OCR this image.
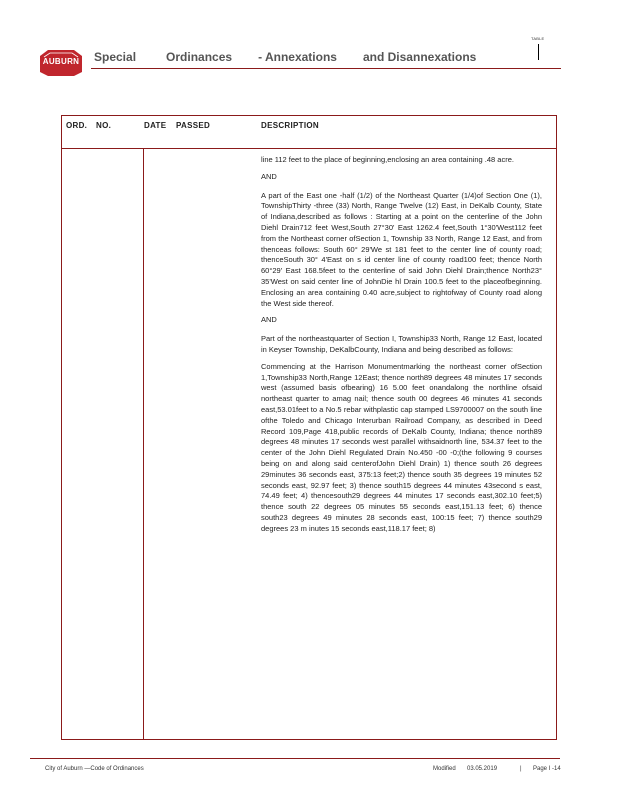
AUBURN	Special	Ordinances - Annexations and Disannexations
TABLE
ORD. NO.	DATE PASSED	DESCRIPTION

line 112 feet to the place of beginning,enclosing an area containing .48 acre.

AND

A part of the East one -half (1/2) of the Northeast Quarter (1/4)of Section One (1), TownshipThirty -three (33) North, Range Twelve (12) East, in DeKalb County, State of Indiana,described as follows : Starting at a point on the centerline of the John Diehl Drain712 feet West,South 27°30' East 1262.4 feet,South 1°30'West112 feet from the Northeast corner ofSection 1, Township 33 North, Range 12 East, and from thenceas follows: South 60° 29'We st 181 feet to the center line of county road; thenceSouth 30° 4'East on s id center line of county road100 feet; thence North 60°29' East 168.5feet to the centerline of said John Diehl Drain;thence North23° 35'West on said center line of JohnDie hl Drain 100.5 feet to the placeofbeginning. Enclosing an area containing 0.40 acre,subject to rightofway of County road along the West side thereof.

AND

Part of the northeastquarter of Section I, Township33 North, Range 12 East, located in Keyser Township, DeKalbCounty, Indiana and being described as follows:

Commencing at the Harrison Monumentmarking the northeast corner ofSection 1,Township33 North,Range 12East; thence north89 degrees 48 minutes 17 seconds west (assumed basis ofbearing) 16 5.00 feet onandalong the northline ofsaid northeast quarter to amag nail; thence south 00 degrees 46 minutes 41 seconds east,53.01feet to a No.5 rebar withplastic cap stamped LS9700007 on the south line ofthe Toledo and Chicago Interurban Railroad Company, as described in Deed Record 109,Page 418,public records of DeKalb County, Indiana; thence north89 degrees 48 minutes 17 seconds west parallel withsaidnorth line, 534.37 feet to the center of the John Diehl Regulated Drain No.450 -00 -0;(the following 9 courses being on and along said centerofJohn Diehl Drain) 1) thence south 26 degrees 29minutes 36 seconds east, 375:13 feet;2) thence south 35 degrees 19 minutes 52 seconds east, 92.97 feet; 3) thence south15 degrees 44 minutes 43second s east, 74.49 feet; 4) thencesouth29 degrees 44 minutes 17 seconds east,302.10 feet;5) thence south 22 degrees 05 minutes 55 seconds east,151.13 feet; 6) thence south23 degrees 49 minutes 28 seconds east, 100:15 feet; 7) thence south29 degrees 23 m inutes 15 seconds east,118.17 feet; 8)

City of Auburn —Code of Ordinances	Modified 03.05.2019	| Page I -14
